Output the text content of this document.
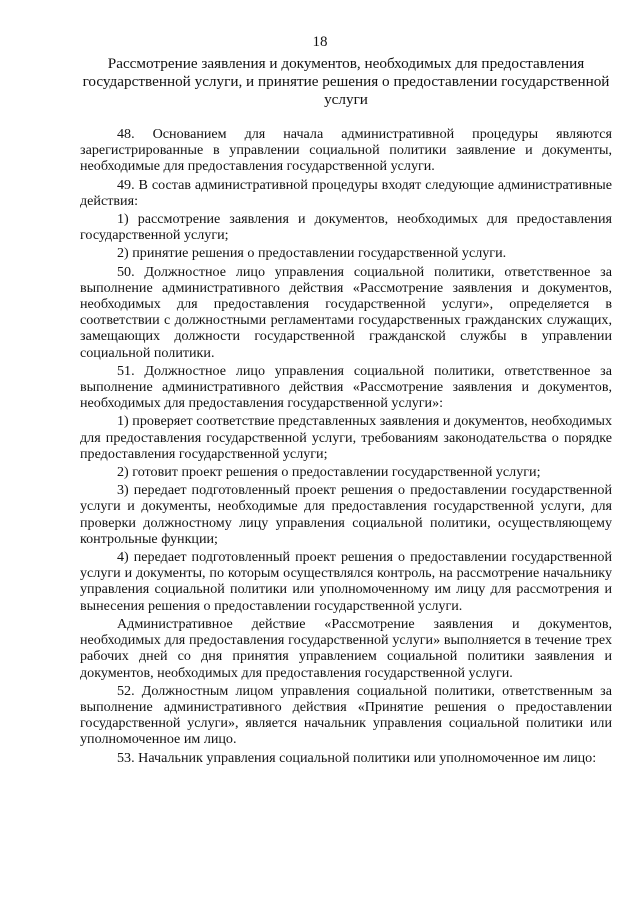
18
Рассмотрение заявления и документов, необходимых для предоставления государственной услуги, и принятие решения о предоставлении государственной услуги

48. Основанием для начала административной процедуры являются зарегистрированные в управлении социальной политики заявление и документы, необходимые для предоставления государственной услуги.

49. В состав административной процедуры входят следующие административные действия:

1) рассмотрение заявления и документов, необходимых для предоставления государственной услуги;

2) принятие решения о предоставлении государственной услуги.

50. Должностное лицо управления социальной политики, ответственное за выполнение административного действия «Рассмотрение заявления и документов, необходимых для предоставления государственной услуги», определяется в соответствии с должностными регламентами государственных гражданских служащих, замещающих должности государственной гражданской службы в управлении социальной политики.

51. Должностное лицо управления социальной политики, ответственное за выполнение административного действия «Рассмотрение заявления и документов, необходимых для предоставления государственной услуги»:

1) проверяет соответствие представленных заявления и документов, необходимых для предоставления государственной услуги, требованиям законодательства о порядке предоставления государственной услуги;

2) готовит проект решения о предоставлении государственной услуги;

3) передает подготовленный проект решения о предоставлении государственной услуги и документы, необходимые для предоставления государственной услуги, для проверки должностному лицу управления социальной политики, осуществляющему контрольные функции;

4) передает подготовленный проект решения о предоставлении государственной услуги и документы, по которым осуществлялся контроль, на рассмотрение начальнику управления социальной политики или уполномоченному им лицу для рассмотрения и вынесения решения о предоставлении государственной услуги.

Административное действие «Рассмотрение заявления и документов, необходимых для предоставления государственной услуги» выполняется в течение трех рабочих дней со дня принятия управлением социальной политики заявления и документов, необходимых для предоставления государственной услуги.

52. Должностным лицом управления социальной политики, ответственным за выполнение административного действия «Принятие решения о предоставлении государственной услуги», является начальник управления социальной политики или уполномоченное им лицо.

53. Начальник управления социальной политики или уполномоченное им лицо:
